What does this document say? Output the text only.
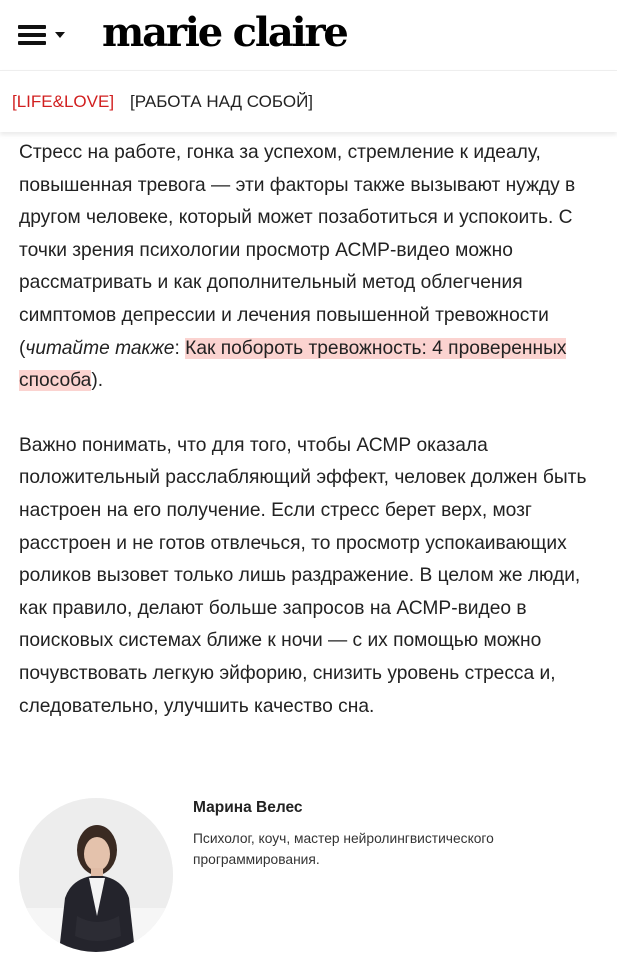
marie claire
[LIFE&LOVE] [РАБОТА НАД СОБОЙ]

Стресс на работе, гонка за успехом, стремление к идеалу, повышенная тревога — эти факторы также вызывают нужду в другом человеке, который может позаботиться и успокоить. С точки зрения психологии просмотр АСМР-видео можно рассматривать и как дополнительный метод облегчения симптомов депрессии и лечения повышенной тревожности (читайте также: Как побороть тревожность: 4 проверенных способа).

Важно понимать, что для того, чтобы АСМР оказала положительный расслабляющий эффект, человек должен быть настроен на его получение. Если стресс берет верх, мозг расстроен и не готов отвлечься, то просмотр успокаивающих роликов вызовет только лишь раздражение. В целом же люди, как правило, делают больше запросов на АСМР-видео в поисковых системах ближе к ночи — с их помощью можно почувствовать легкую эйфорию, снизить уровень стресса и, следовательно, улучшить качество сна.

Марина Велес
Психолог, коуч, мастер нейролингвистического программирования.
